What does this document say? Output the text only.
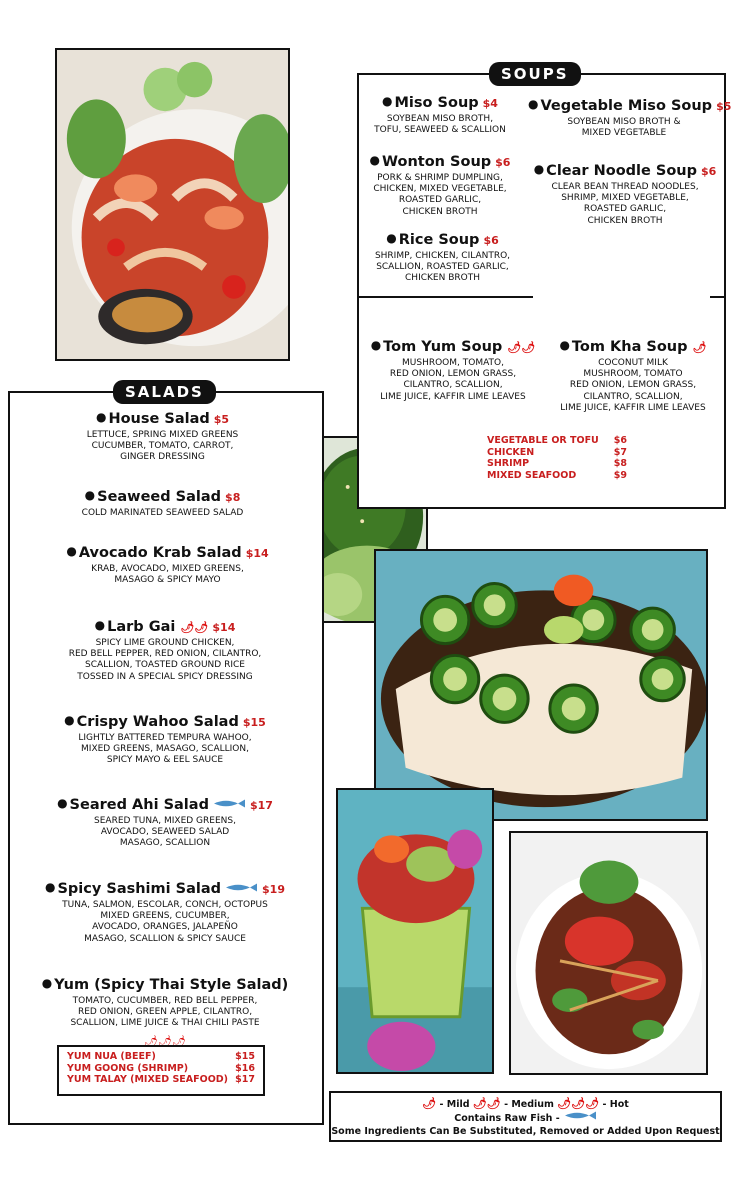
SOUPS
● Miso Soup $4
SOYBEAN MISO BROTH,
TOFU, SEAWEED & SCALLION
● Vegetable Miso Soup $5
SOYBEAN MISO BROTH &
MIXED VEGETABLE
● Wonton Soup $6
PORK & SHRIMP DUMPLING,
CHICKEN, MIXED VEGETABLE,
ROASTED GARLIC,
CHICKEN BROTH
● Clear Noodle Soup $6
CLEAR BEAN THREAD NOODLES,
SHRIMP, MIXED VEGETABLE,
ROASTED GARLIC,
CHICKEN BROTH
● Rice Soup $6
SHRIMP, CHICKEN, CILANTRO,
SCALLION, ROASTED GARLIC,
CHICKEN BROTH
● Tom Yum Soup 🌶🌶
MUSHROOM, TOMATO,
RED ONION, LEMON GRASS,
CILANTRO, SCALLION,
LIME JUICE, KAFFIR LIME LEAVES
● Tom Kha Soup 🌶
COCONUT MILK
MUSHROOM, TOMATO
RED ONION, LEMON GRASS,
CILANTRO, SCALLION,
LIME JUICE, KAFFIR LIME LEAVES
VEGETABLE OR TOFU $6
CHICKEN	$7
SHRIMP	$8
MIXED SEAFOOD	$9
SALADS
● House Salad $5
LETTUCE, SPRING MIXED GREENS
CUCUMBER, TOMATO, CARROT,
GINGER DRESSING
● Seaweed Salad $8
COLD MARINATED SEAWEED SALAD
● Avocado Krab Salad $14
KRAB, AVOCADO, MIXED GREENS,
MASAGO & SPICY MAYO
● Larb Gai 🌶🌶 $14
SPICY LIME GROUND CHICKEN,
RED BELL PEPPER, RED ONION, CILANTRO,
SCALLION, TOASTED GROUND RICE
TOSSED IN A SPECIAL SPICY DRESSING
● Crispy Wahoo Salad $15
LIGHTLY BATTERED TEMPURA WAHOO,
MIXED GREENS, MASAGO, SCALLION,
SPICY MAYO & EEL SAUCE
● Seared Ahi Salad	$17
SEARED TUNA, MIXED GREENS,
AVOCADO, SEAWEED SALAD
MASAGO, SCALLION
● Spicy Sashimi Salad	$19
TUNA, SALMON, ESCOLAR, CONCH, OCTOPUS
MIXED GREENS, CUCUMBER,
AVOCADO, ORANGES, JALAPEÑO
MASAGO, SCALLION & SPICY SAUCE
● Yum (Spicy Thai Style Salad)
TOMATO, CUCUMBER, RED BELL PEPPER,
RED ONION, GREEN APPLE, CILANTRO,
SCALLION, LIME JUICE & THAI CHILI PASTE
🌶🌶🌶
YUM NUA (BEEF)	$15
YUM GOONG (SHRIMP)	$16
YUM TALAY (MIXED SEAFOOD) $17
🌶 - Mild 🌶🌶 - Medium 🌶🌶🌶 - Hot
Contains Raw Fish -
Some Ingredients Can Be Substituted, Removed or Added Upon Request
